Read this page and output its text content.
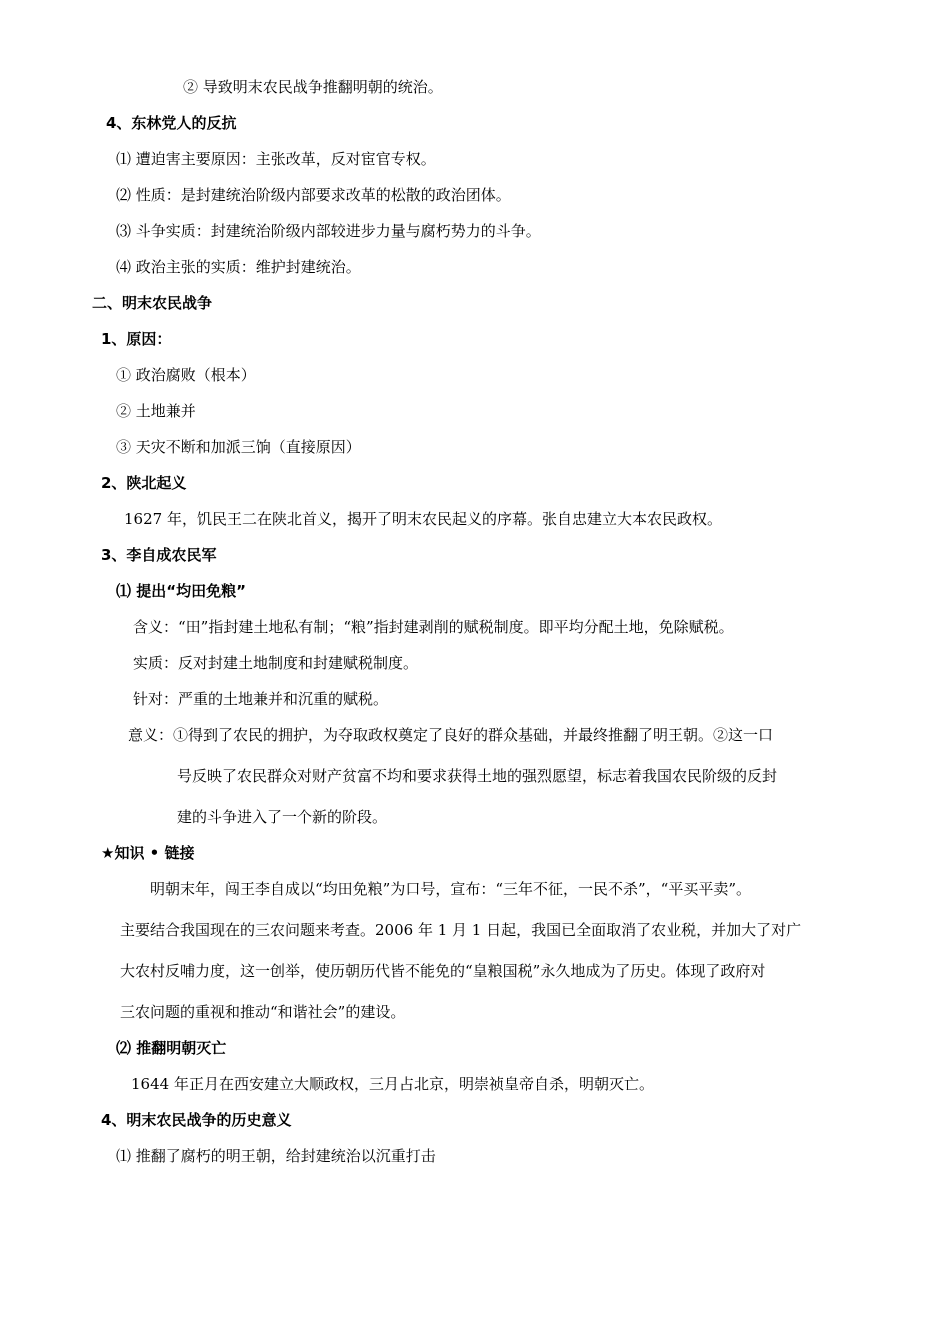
② 导致明末农民战争推翻明朝的统治。
4、东林党人的反抗
⑴ 遭迫害主要原因：主张改革，反对宦官专权。
⑵ 性质：是封建统治阶级内部要求改革的松散的政治团体。
⑶ 斗争实质：封建统治阶级内部较进步力量与腐朽势力的斗争。
⑷ 政治主张的实质：维护封建统治。
二、明末农民战争
1、原因：
① 政治腐败（根本）
② 土地兼并
③ 天灾不断和加派三饷（直接原因）
2、陕北起义
1627 年，饥民王二在陕北首义，揭开了明末农民起义的序幕。张自忠建立大本农民政权。
3、李自成农民军
⑴ 提出“均田免粮”
含义：“田”指封建土地私有制；“粮”指封建剥削的赋税制度。即平均分配土地，免除赋税。
实质：反对封建土地制度和封建赋税制度。
针对：严重的土地兼并和沉重的赋税。
意义：①得到了农民的拥护，为夺取政权奠定了良好的群众基础，并最终推翻了明王朝。②这一口
号反映了农民群众对财产贫富不均和要求获得土地的强烈愿望，标志着我国农民阶级的反封
建的斗争进入了一个新的阶段。
★知识 • 链接
明朝末年，闯王李自成以“均田免粮”为口号，宣布：“三年不征，一民不杀”，“平买平卖”。
主要结合我国现在的三农问题来考查。2006 年 1 月 1 日起，我国已全面取消了农业税，并加大了对广
大农村反哺力度，这一创举，使历朝历代皆不能免的“皇粮国税”永久地成为了历史。体现了政府对
三农问题的重视和推动“和谐社会”的建设。
⑵ 推翻明朝灭亡
1644 年正月在西安建立大顺政权，三月占北京，明崇祯皇帝自杀，明朝灭亡。
4、明末农民战争的历史意义
⑴ 推翻了腐朽的明王朝，给封建统治以沉重打击
